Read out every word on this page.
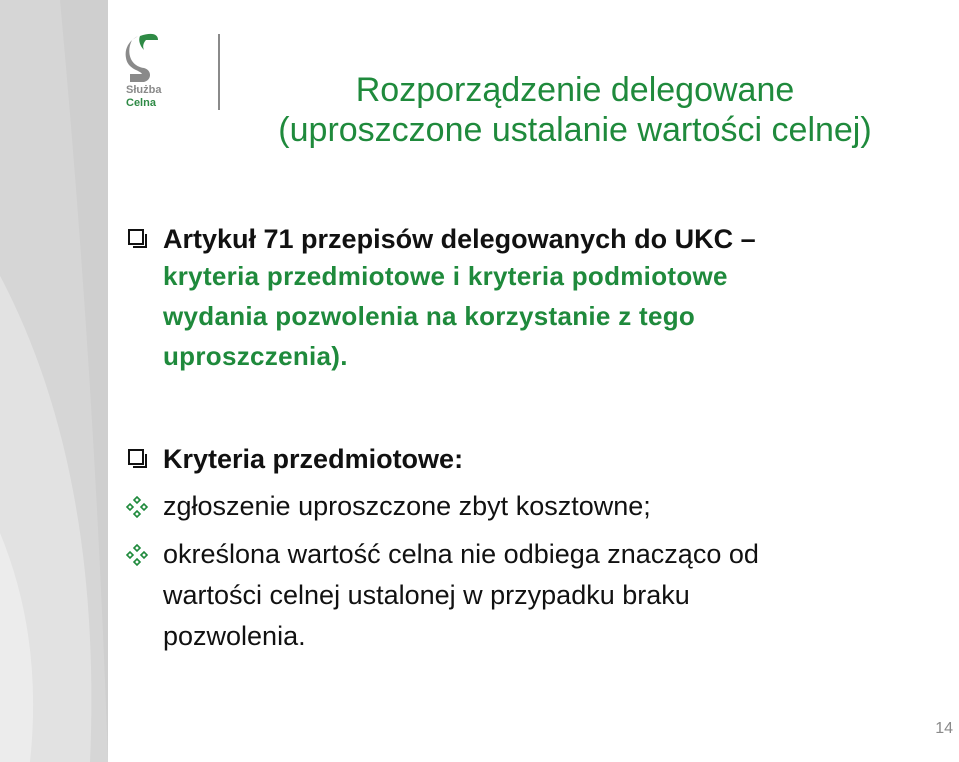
Służba
Celna	Rozporządzenie delegowane
(uproszczone ustalanie wartości celnej)
Artykuł 71 przepisów delegowanych do UKC –
kryteria przedmiotowe i kryteria podmiotowe
wydania pozwolenia na korzystanie z tego
uproszczenia).
Kryteria przedmiotowe:
zgłoszenie uproszczone zbyt kosztowne;
określona wartość celna nie odbiega znacząco od
wartości celnej ustalonej w przypadku braku
pozwolenia.
14
